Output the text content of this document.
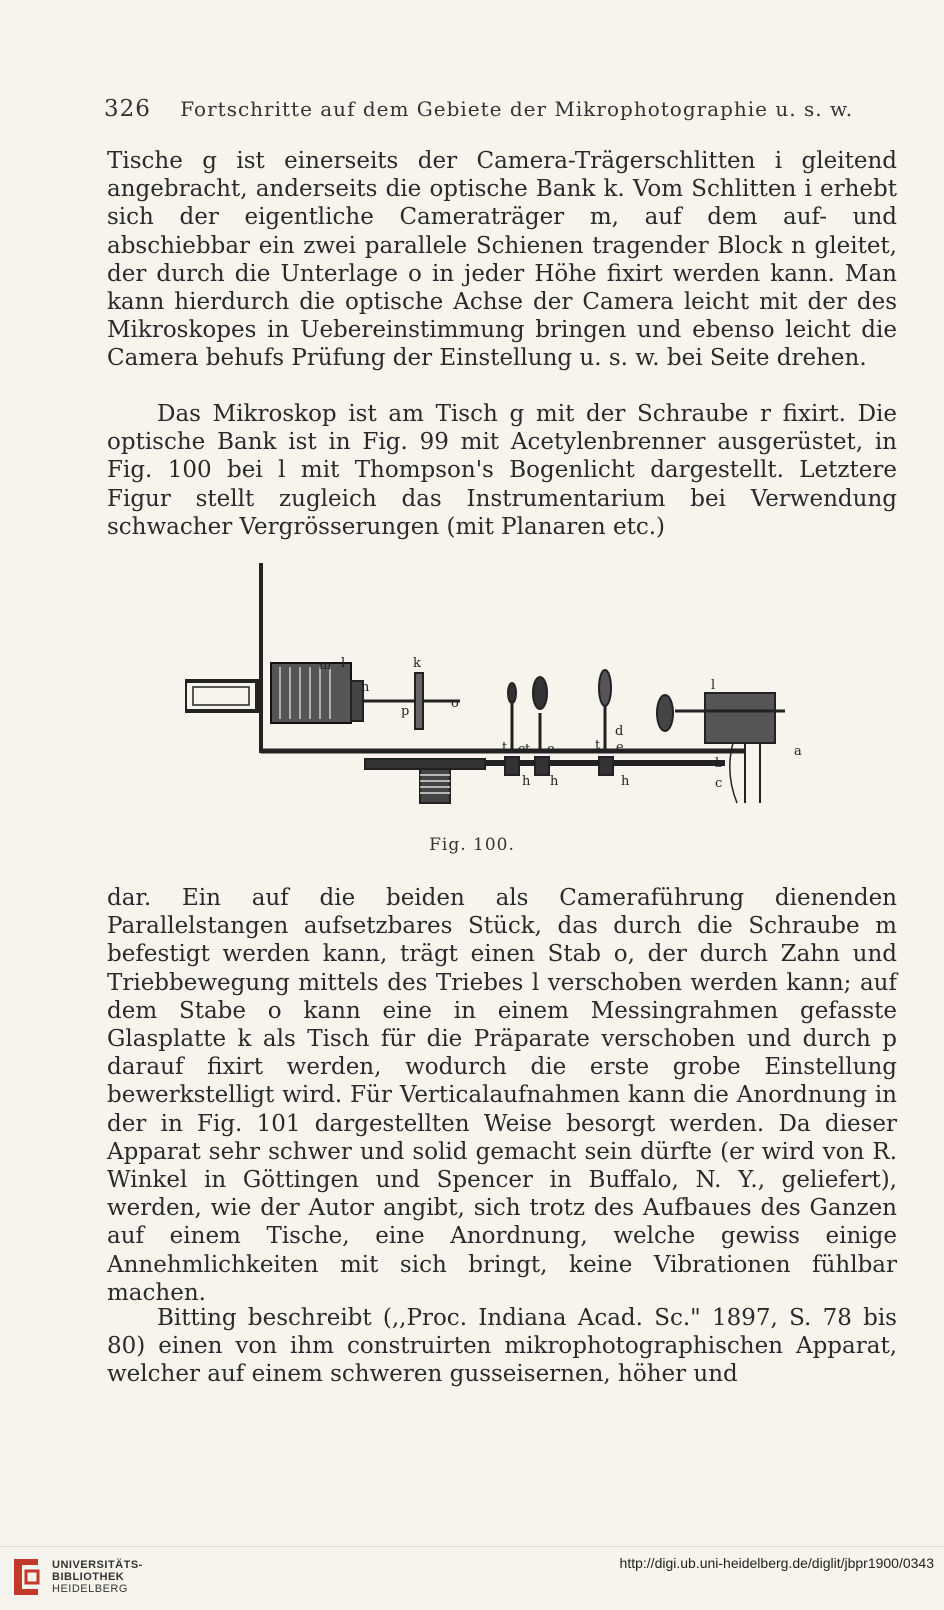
326 Fortschritte auf dem Gebiete der Mikrophotographie u. s. w.

Tische g ist einerseits der Camera-Trägerschlitten i gleitend angebracht, anderseits die optische Bank k. Vom Schlitten i erhebt sich der eigentliche Cameraträger m, auf dem auf- und abschiebbar ein zwei parallele Schienen tragender Block n gleitet, der durch die Unterlage o in jeder Höhe fixirt werden kann. Man kann hierdurch die optische Achse der Camera leicht mit der des Mikroskopes in Uebereinstimmung bringen und ebenso leicht die Camera behufs Prüfung der Einstellung u. s. w. bei Seite drehen.

Das Mikroskop ist am Tisch g mit der Schraube r fixirt. Die optische Bank ist in Fig. 99 mit Acetylenbrenner ausgerüstet, in Fig. 100 bei l mit Thompson's Bogenlicht dargestellt. Letztere Figur stellt zugleich das Instrumentarium bei Verwendung schwacher Vergrösserungen (mit Planaren etc.)

m l	k
n
p
o
l
t e t e	t e
d
h h	h
a
b
c
Fig. 100.

dar. Ein auf die beiden als Cameraführung dienenden Parallelstangen aufsetzbares Stück, das durch die Schraube m befestigt werden kann, trägt einen Stab o, der durch Zahn und Triebbewegung mittels des Triebes l verschoben werden kann; auf dem Stabe o kann eine in einem Messingrahmen gefasste Glasplatte k als Tisch für die Präparate verschoben und durch p darauf fixirt werden, wodurch die erste grobe Einstellung bewerkstelligt wird. Für Verticalaufnahmen kann die Anordnung in der in Fig. 101 dargestellten Weise besorgt werden. Da dieser Apparat sehr schwer und solid gemacht sein dürfte (er wird von R. Winkel in Göttingen und Spencer in Buffalo, N. Y., geliefert), werden, wie der Autor angibt, sich trotz des Aufbaues des Ganzen auf einem Tische, eine Anordnung, welche gewiss einige Annehmlichkeiten mit sich bringt, keine Vibrationen fühlbar machen.

Bitting beschreibt (,,Proc. Indiana Acad. Sc." 1897, S. 78 bis 80) einen von ihm construirten mikrophotographischen Apparat, welcher auf einem schweren gusseisernen, höher und

UNIVERSITÄTS-
BIBLIOTHEK
HEIDELBERG
http://digi.ub.uni-heidelberg.de/diglit/jbpr1900/0343
